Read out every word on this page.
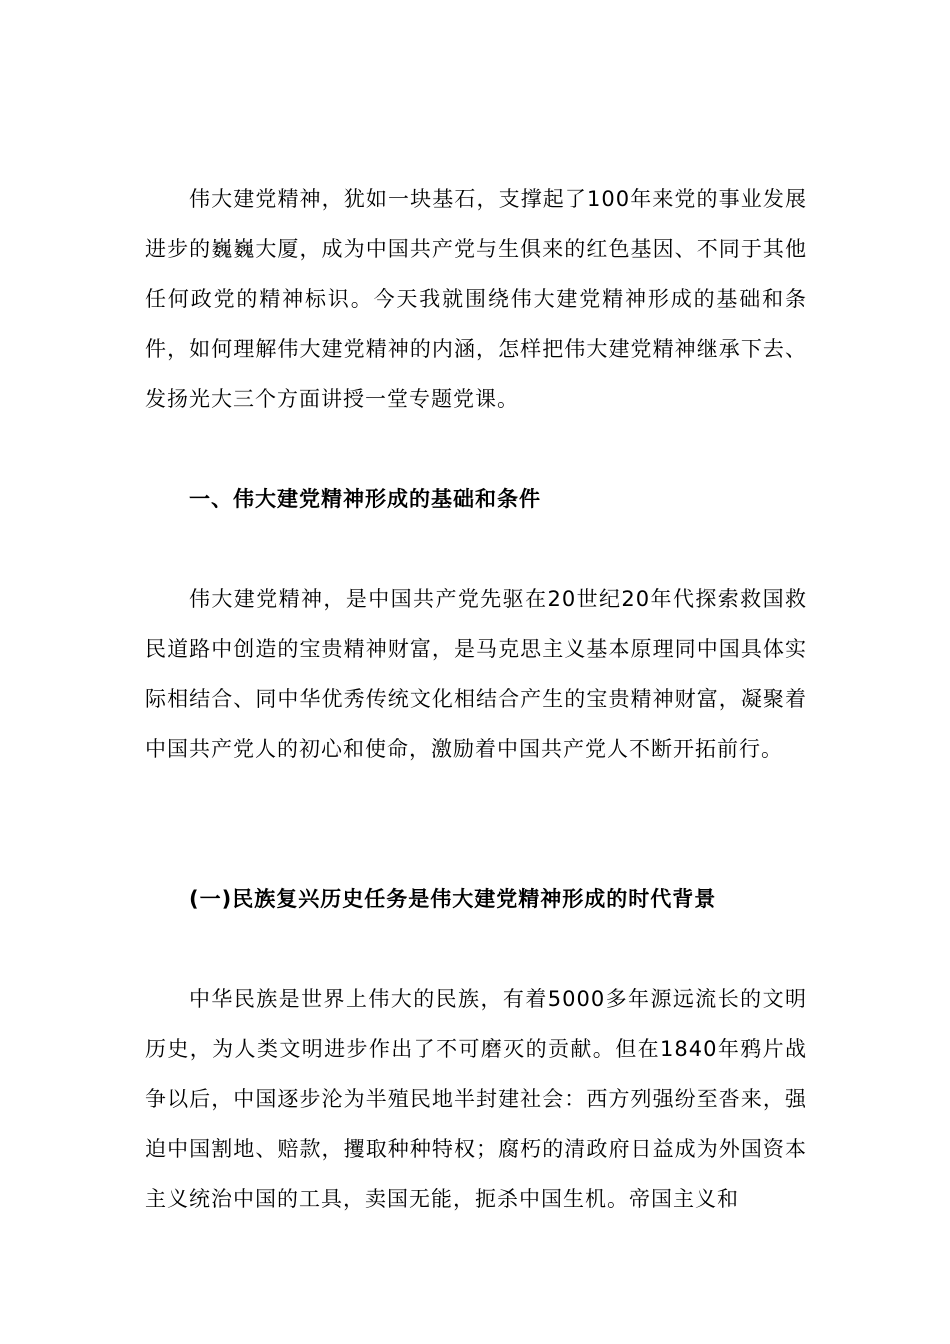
伟大建党精神，犹如一块基石，支撑起了100年来党的事业发展进步的巍巍大厦，成为中国共产党与生俱来的红色基因、不同于其他任何政党的精神标识。今天我就围绕伟大建党精神形成的基础和条件，如何理解伟大建党精神的内涵，怎样把伟大建党精神继承下去、发扬光大三个方面讲授一堂专题党课。

一、伟大建党精神形成的基础和条件

伟大建党精神，是中国共产党先驱在20世纪20年代探索救国救民道路中创造的宝贵精神财富，是马克思主义基本原理同中国具体实际相结合、同中华优秀传统文化相结合产生的宝贵精神财富，凝聚着中国共产党人的初心和使命，激励着中国共产党人不断开拓前行。

(一)民族复兴历史任务是伟大建党精神形成的时代背景

中华民族是世界上伟大的民族，有着5000多年源远流长的文明历史，为人类文明进步作出了不可磨灭的贡献。但在1840年鸦片战争以后，中国逐步沦为半殖民地半封建社会：西方列强纷至沓来，强迫中国割地、赔款，攫取种种特权；腐朽的清政府日益成为外国资本主义统治中国的工具，卖国无能，扼杀中国生机。帝国主义和
